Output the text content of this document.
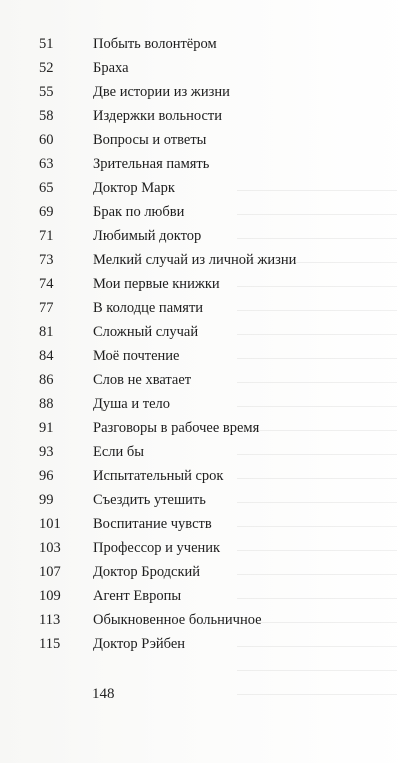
51	Побыть волонтёром
52	Браха
55	Две истории из жизни
58	Издержки вольности
60	Вопросы и ответы
63	Зрительная память
65	Доктор Марк
69	Брак по любви
71	Любимый доктор
73	Мелкий случай из личной жизни
74	Мои первые книжки
77	В колодце памяти
81	Сложный случай
84	Моё почтение
86	Слов не хватает
88	Душа и тело
91	Разговоры в рабочее время
93	Если бы
96	Испытательный срок
99	Съездить утешить
101	Воспитание чувств
103	Профессор и ученик
107	Доктор Бродский
109	Агент Европы
113	Обыкновенное больничное
115	Доктор Рэйбен
148
